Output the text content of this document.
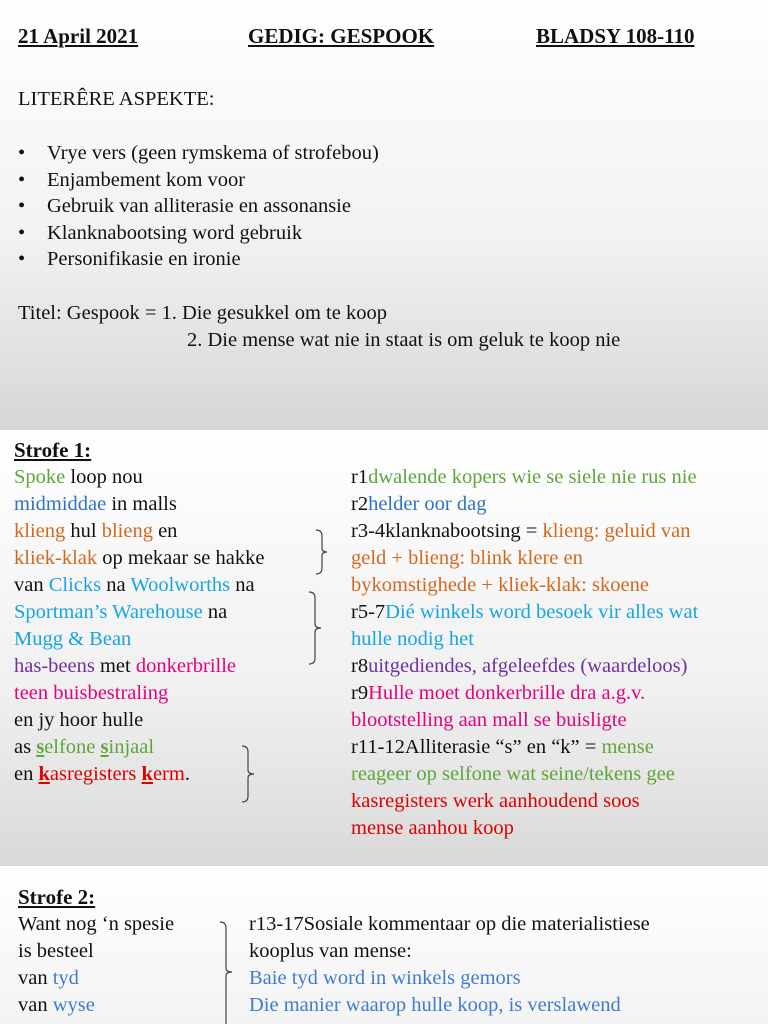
21 April 2021	GEDIG: GESPOOK	BLADSY 108-110
LITERÊRE ASPEKTE:
• Vrye vers (geen rymskema of strofebou)
• Enjambement kom voor
• Gebruik van alliterasie en assonansie
• Klanknabootsing word gebruik
• Personifikasie en ironie
Titel: Gespook = 1. Die gesukkel om te koop
2. Die mense wat nie in staat is om geluk te koop nie
Strofe 1:
Spoke loop nou
midmiddae in malls
klieng hul blieng en
kliek-klak op mekaar se hakke
van Clicks na Woolworths na
Sportman’s Warehouse na
Mugg & Bean
has-beens met donkerbrille
teen buisbestraling
en jy hoor hulle
as selfone sinjaal
en kasregisters kerm.
r1dwalende kopers wie se siele nie rus nie
r2helder oor dag
r3-4klanknabootsing = klieng: geluid van
geld + blieng: blink klere en
bykomstighede + kliek-klak: skoene
r5-7Dié winkels word besoek vir alles wat
hulle nodig het
r8uitgediendes, afgeleefdes (waardeloos)
r9Hulle moet donkerbrille dra a.g.v.
blootstelling aan mall se buisligte
r11-12Alliterasie “s” en “k” = mense
reageer op selfone wat seine/tekens gee
kasregisters werk aanhoudend soos
mense aanhou koop
Strofe 2:
Want nog ‘n spesie
is besteel
van tyd
van wyse
r13-17Sosiale kommentaar op die materialistiese
kooplus van mense:
Baie tyd word in winkels gemors
Die manier waarop hulle koop, is verslawend
